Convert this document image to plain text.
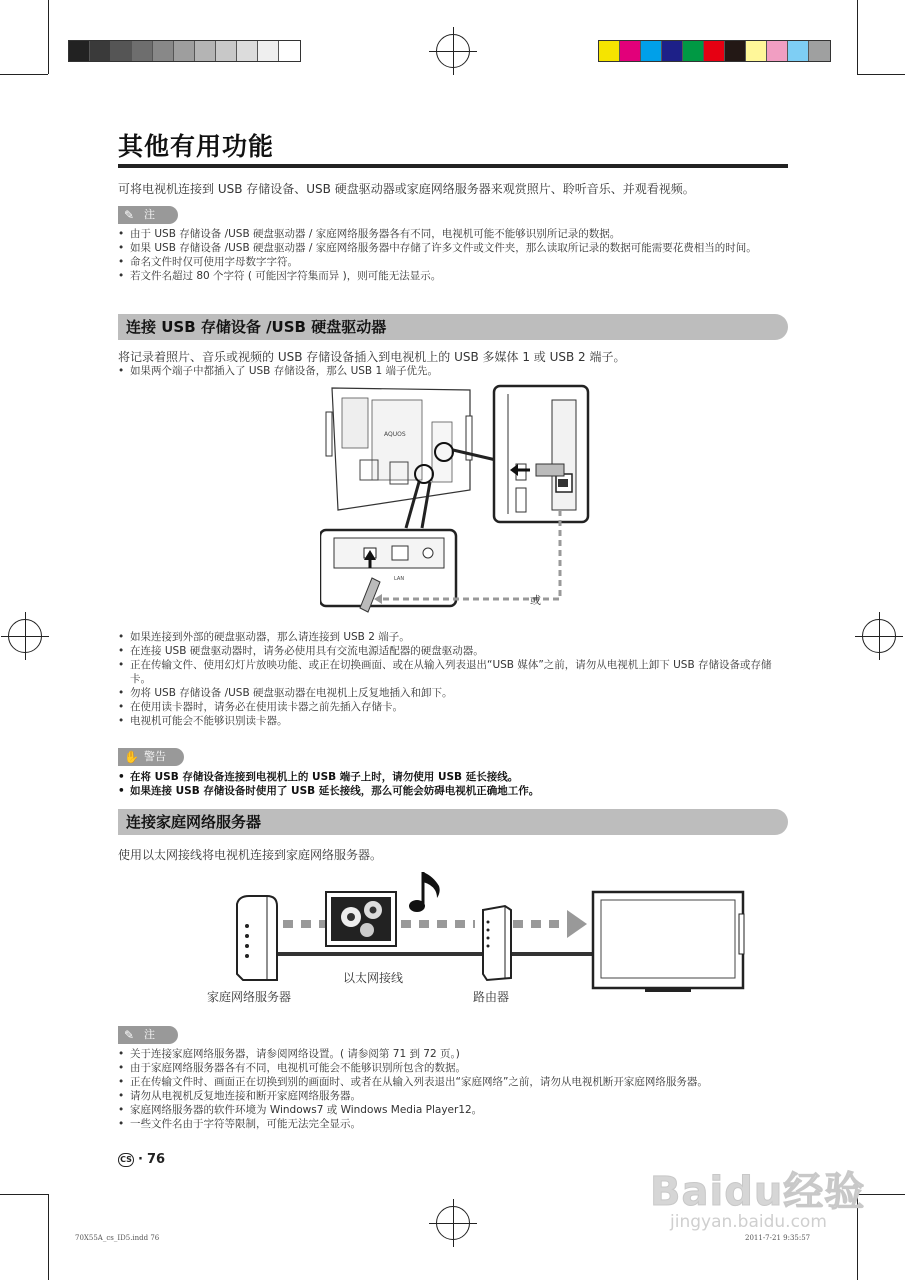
其他有用功能
可将电视机连接到 USB 存储设备、USB 硬盘驱动器或家庭网络服务器来观赏照片、聆听音乐、并观看视频。
✎ 注
• 由于 USB 存储设备 /USB 硬盘驱动器 / 家庭网络服务器各有不同，电视机可能不能够识别所记录的数据。
• 如果 USB 存储设备 /USB 硬盘驱动器 / 家庭网络服务器中存储了许多文件或文件夹，那么读取所记录的数据可能需要花费相当的时间。
• 命名文件时仅可使用字母数字字符。
• 若文件名超过 80 个字符 ( 可能因字符集而异 )，则可能无法显示。
连接 USB 存储设备 /USB 硬盘驱动器
将记录着照片、音乐或视频的 USB 存储设备插入到电视机上的 USB 多媒体 1 或 USB 2 端子。
• 如果两个端子中都插入了 USB 存储设备，那么 USB 1 端子优先。
AQUOS
LAN
或
• 如果连接到外部的硬盘驱动器，那么请连接到 USB 2 端子。
• 在连接 USB 硬盘驱动器时，请务必使用具有交流电源适配器的硬盘驱动器。
• 正在传输文件、使用幻灯片放映功能、或正在切换画面、或在从输入列表退出“USB 媒体”之前，请勿从电视机上卸下 USB 存储设备或存储卡。
• 勿将 USB 存储设备 /USB 硬盘驱动器在电视机上反复地插入和卸下。
• 在使用读卡器时，请务必在使用读卡器之前先插入存储卡。
• 电视机可能会不能够识别读卡器。
✋ 警告
• 在将 USB 存储设备连接到电视机上的 USB 端子上时，请勿使用 USB 延长接线。
• 如果连接 USB 存储设备时使用了 USB 延长接线，那么可能会妨碍电视机正确地工作。
连接家庭网络服务器
使用以太网接线将电视机连接到家庭网络服务器。
以太网接线
家庭网络服务器	路由器
✎ 注
• 关于连接家庭网络服务器，请参阅网络设置。( 请参阅第 71 到 72 页。)
• 由于家庭网络服务器各有不同，电视机可能会不能够识别所包含的数据。
• 正在传输文件时、画面正在切换到别的画面时、或者在从输入列表退出“家庭网络”之前，请勿从电视机断开家庭网络服务器。
• 请勿从电视机反复地连接和断开家庭网络服务器。
• 家庭网络服务器的软件环境为 Windows7 或 Windows Media Player12。
• 一些文件名由于字符等限制，可能无法完全显示。
CS · 76
70X55A_cs_ID5.indd 76	2011-7-21 9:35:57
Baidu经验
jingyan.baidu.com
